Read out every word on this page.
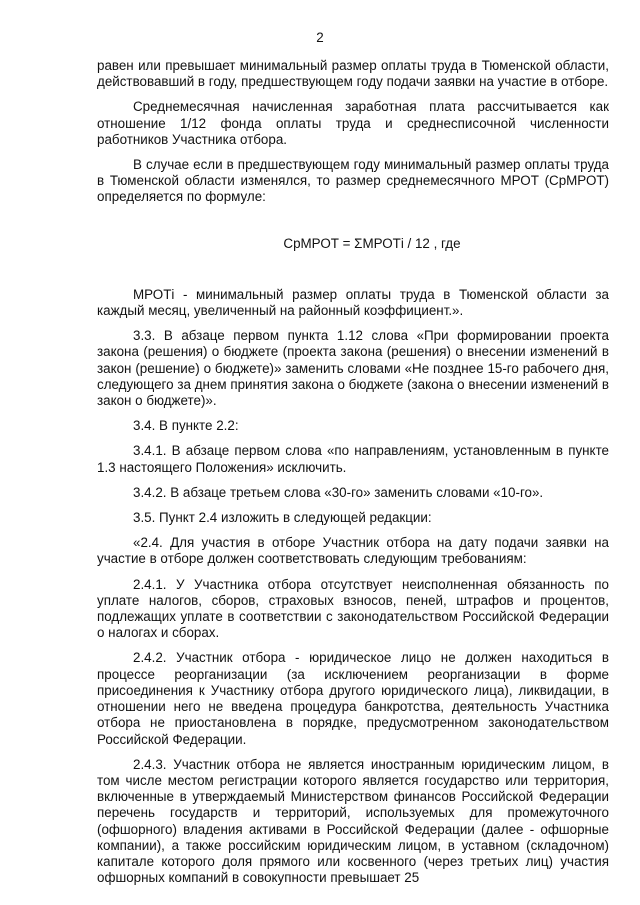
2

равен или превышает минимальный размер оплаты труда в Тюменской области, действовавший в году, предшествующем году подачи заявки на участие в отборе.

Среднемесячная начисленная заработная плата рассчитывается как отношение 1/12 фонда оплаты труда и среднесписочной численности работников Участника отбора.

В случае если в предшествующем году минимальный размер оплаты труда в Тюменской области изменялся, то размер среднемесячного МРОТ (СрМРОТ) определяется по формуле:

СрМРОТ = ΣМРОТi / 12 , где

МРОТi - минимальный размер оплаты труда в Тюменской области за каждый месяц, увеличенный на районный коэффициент.».

3.3. В абзаце первом пункта 1.12 слова «При формировании проекта закона (решения) о бюджете (проекта закона (решения) о внесении изменений в закон (решение) о бюджете)» заменить словами «Не позднее 15-го рабочего дня, следующего за днем принятия закона о бюджете (закона о внесении изменений в закон о бюджете)».

3.4. В пункте 2.2:

3.4.1. В абзаце первом слова «по направлениям, установленным в пункте 1.3 настоящего Положения» исключить.

3.4.2. В абзаце третьем слова «30-го» заменить словами «10-го».

3.5. Пункт 2.4 изложить в следующей редакции:

«2.4. Для участия в отборе Участник отбора на дату подачи заявки на участие в отборе должен соответствовать следующим требованиям:

2.4.1. У Участника отбора отсутствует неисполненная обязанность по уплате налогов, сборов, страховых взносов, пеней, штрафов и процентов, подлежащих уплате в соответствии с законодательством Российской Федерации о налогах и сборах.

2.4.2. Участник отбора - юридическое лицо не должен находиться в процессе реорганизации (за исключением реорганизации в форме присоединения к Участнику отбора другого юридического лица), ликвидации, в отношении него не введена процедура банкротства, деятельность Участника отбора не приостановлена в порядке, предусмотренном законодательством Российской Федерации.

2.4.3. Участник отбора не является иностранным юридическим лицом, в том числе местом регистрации которого является государство или территория, включенные в утверждаемый Министерством финансов Российской Федерации перечень государств и территорий, используемых для промежуточного (офшорного) владения активами в Российской Федерации (далее - офшорные компании), а также российским юридическим лицом, в уставном (складочном) капитале которого доля прямого или косвенного (через третьих лиц) участия офшорных компаний в совокупности превышает 25
